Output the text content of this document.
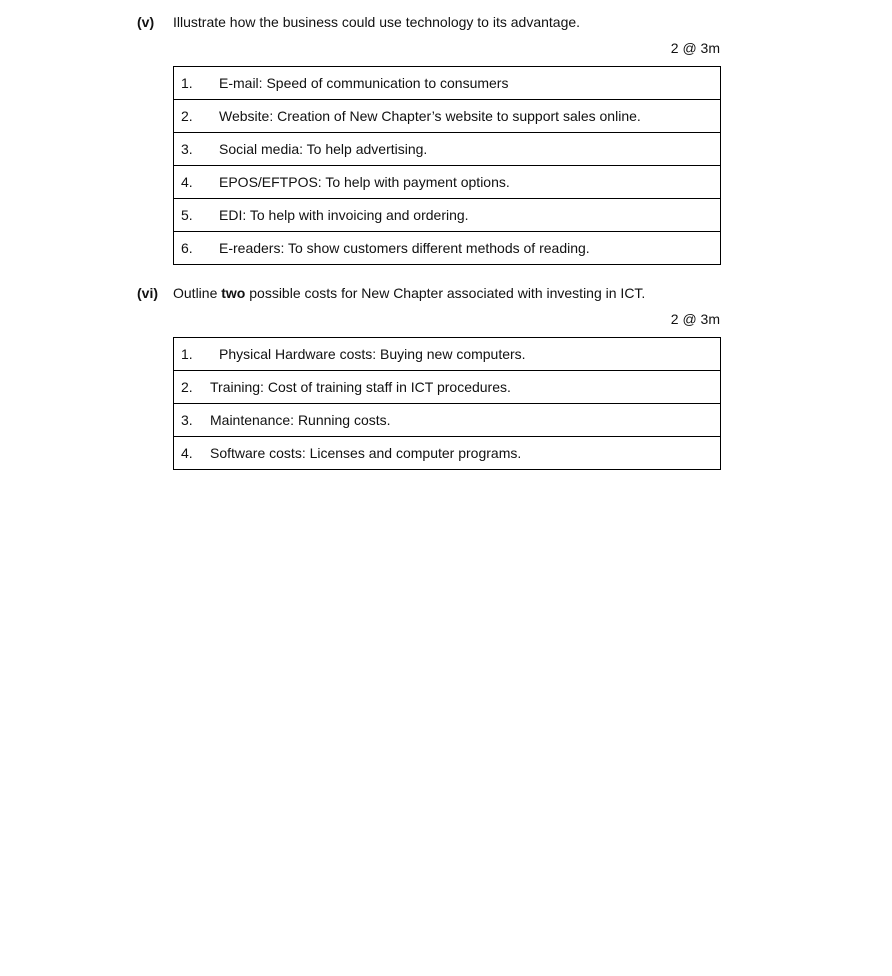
(v) Illustrate how the business could use technology to its advantage.
2 @ 3m
1. E-mail: Speed of communication to consumers
2. Website: Creation of New Chapter’s website to support sales online.
3. Social media: To help advertising.
4. EPOS/EFTPOS: To help with payment options.
5. EDI: To help with invoicing and ordering.
6. E-readers: To show customers different methods of reading.
(vi) Outline two possible costs for New Chapter associated with investing in ICT.
2 @ 3m
1. Physical Hardware costs: Buying new computers.
2. Training: Cost of training staff in ICT procedures.
3. Maintenance: Running costs.
4. Software costs: Licenses and computer programs.
